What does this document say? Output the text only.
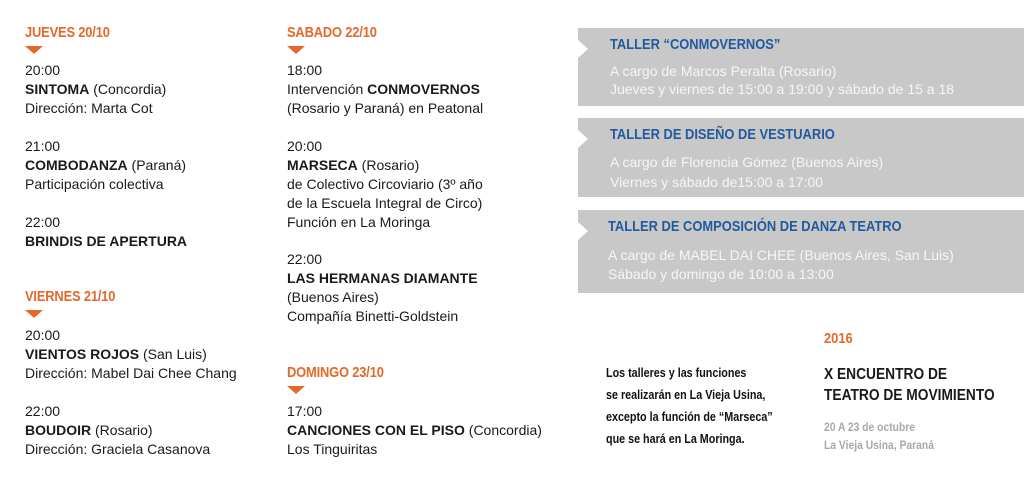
JUEVES 20/10
20:00
SINTOMA (Concordia)
Dirección: Marta Cot
21:00
COMBODANZA (Paraná)
Participación colectiva
22:00
BRINDIS DE APERTURA
VIERNES 21/10
20:00
VIENTOS ROJOS (San Luis)
Dirección: Mabel Dai Chee Chang
22:00
BOUDOIR (Rosario)
Dirección: Graciela Casanova
SABADO 22/10
18:00
Intervención CONMOVERNOS
(Rosario y Paraná) en Peatonal
20:00
MARSECA (Rosario)
de Colectivo Circoviario (3º año
de la Escuela Integral de Circo)
Función en La Moringa
22:00
LAS HERMANAS DIAMANTE
(Buenos Aires)
Compañía Binetti-Goldstein
DOMINGO 23/10
17:00
CANCIONES CON EL PISO (Concordia)
Los Tinguiritas
TALLER “CONMOVERNOS”
A cargo de Marcos Peralta (Rosario)
Jueves y viernes de 15:00 a 19:00 y sábado de 15 a 18
TALLER DE DISEÑO DE VESTUARIO
A cargo de Florencia Gómez (Buenos Aires)
Viernes y sábado de15:00 a 17:00
TALLER DE COMPOSICIÓN DE DANZA TEATRO
A cargo de MABEL DAI CHEE (Buenos Aires, San Luis)
Sábado y domingo de 10:00 a 13:00
Los talleres y las funciones
se realizarán en La Vieja Usina,
excepto la función de “Marseca”
que se hará en La Moringa.
2016
X ENCUENTRO DE
TEATRO DE MOVIMIENTO
20 A 23 de octubre
La Vieja Usina, Paraná
